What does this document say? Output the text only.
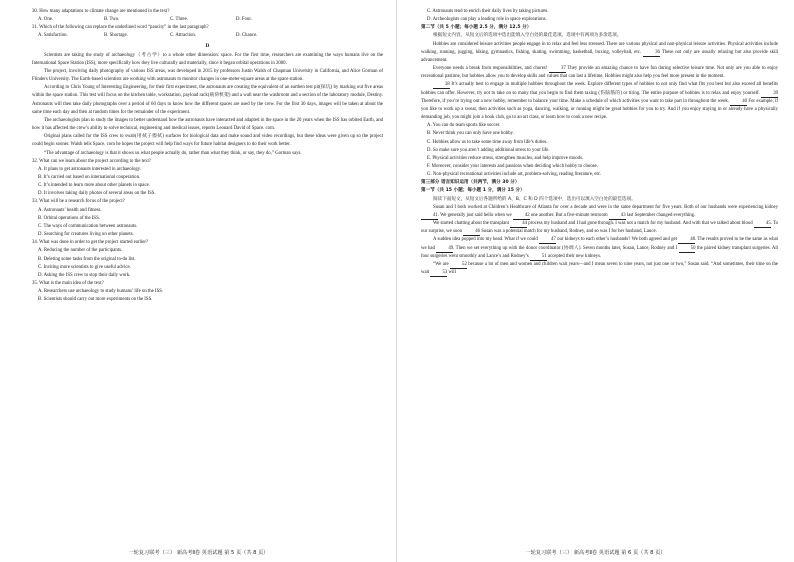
30. How many adaptations to climate change are mentioned in the text?

A. One.	B. Two.	C. Three.	D. Four.

31. Which of the following can replace the underlined word “paucity” in the last paragraph?

A. Satisfaction.	B. Shortage.	C. Attraction.	D. Chance.
D

Scientists are taking the study of archaeology（考古学）to a whole other dimension: space. For the first time, researchers are examining the ways humans live on the International Space Station (ISS), more specifically how they live culturally and materially, since it began orbital operations in 2000.

The project, involving daily photography of various ISS areas, was developed in 2015 by professors Justin Walsh of Chapman University in California, and Alice Gorman of Flinders University. The Earth-based scientists are working with astronauts to monitor changes in one-meter-square areas at the space station.

According to Chris Young of Interesting Engineering, for their first experiment, the astronauts are creating the equivalent of an earthen test pit(探坑) by marking out five areas within the space station. This test will focus on the kitchen table, workstation, payload rack(载荷机架) and a wall near the washroom and a section of the laboratory module, Destiny. Astronauts will then take daily photographs over a period of 60 days to know how the different spaces are used by the crew. For the first 30 days, images will be taken at about the same time each day and then at random times for the remainder of the experiment.

The archaeologists plan to study the images to better understand how the astronauts have interacted and adapted in the space in the 20 years when the ISS has orbited Earth, and how it has affected the crew’s ability to solve technical, engineering and medical issues, reports Leonard David of Space. com.

Original plans called for the ISS crew to swab(用拭子擦拭) surfaces for biological data and make sound and video recordings, but these ideas were given up so the project could begin sooner. Walsh tells Space. com he hopes the project will help find ways for future habitat designers to do their work better.

“The advantage of archaeology is that it shows us what people actually do, rather than what they think, or say, they do,” Gorman says.

32. What can we learn about the project according to the text?

A. It plans to get astronauts interested in archaeology.
B. It’s carried out based on international cooperation.
C. It’s intended to learn more about other planets in space.
D. It involves taking daily photos of several areas on the ISS.

33. What will be a research focus of the project?

A. Astronauts’ health and fitness.
B. Orbital operations of the ISS.
C. The ways of communication between astronauts.
D. Searching for creatures living on other planets.

34. What was done in order to get the project started earlier?

A. Reducing the number of the participants.
B. Deleting some tasks from the original to-do list.
C. Inviting more scientists to give useful advice.
D. Asking the ISS crew to stop their daily work.

35. What is the main idea of the text?

A. Researchers use archaeology to study humans’ life on the ISS.
B. Scientists should carry out more experiments on the ISS.
一轮复习联考（三） 新高考Ⅱ卷 英语试题 第 5 页（共 8 页）
C. Astronauts tend to enrich their daily lives by taking pictures.
D. Archeologists can play a leading role in space explorations.
第二节（共 5 小题；每小题 2.5 分，满分 12.5 分）

根据短文内容，从短文后的选项中选出能填入空白处的最佳选项。选项中有两项为多余选项。

Hobbies are considered leisure activities people engage in to relax and feel less stressed. There are various physical and non-physical leisure activities. Physical activities include walking, running, jugging, hiking, gymnastics, fishing, skating, swimming, basketball, boxing, volleyball, etc.	36 These not only are usually relaxing but also provide skill advancement.

Everyone needs a break from responsibilities, and chores!	37 They provide an amazing chance to have fun during selective leisure time. Not only are you able to enjoy recreational pastime, but hobbies allow you to develop skills and values that can last a lifetime. Hobbies might also help you feel more present in the moment.

38 It’s actually best to engage in multiple hobbies throughout the week. Explore different types of hobbies to not only find what fits you best but also exceed all benefits hobbies can offer. However, try not to take on so many that you begin to find them taxing (伤脑筋的) or tiring. The entire purpose of hobbies is to relax and enjoy yourself.	39 Therefore, if you’re trying out a new hobby, remember to balance your time. Make a schedule of which activities you want to take part in throughout the week.	40 For example, if you like to work up a sweat, then activities such as yoga, dancing, walking, or running might be great hobbies for you to try. And if you enjoy staying in or already have a physically demanding job, you might join a book club, go to an art class, or learn how to cook a new recipe.

A. You can do team sports like soccer.
B. Never think you can only have one hobby.
C. Hobbies allow us to take some time away from life’s duties.
D. So make sure you aren’t adding additional stress to your life.
E. Physical activities reduce stress, strengthen muscles, and help improve moods.
F. Moreover, consider your interests and passions when deciding which hobby to choose.
G. Non-physical recreational activities include art, problem-solving, reading literature, etc.
第三部分 语言知识运用（共两节，满分 30 分）
第一节（共 15 小题；每小题 1 分，满分 15 分）

阅读下面短文，从短文后各题所给的 A、B、C 和 D 四个选项中，选出可以填入空白处的最佳选项。

Susan and I both worked at Children’s Healthcare of Atlanta for over a decade and were in the same department for five years. Both of our husbands were experiencing kidney 41. We generally just said hello when we	42 one another. But a five-minute restroom	43 last September changed everything.

We started chatting about the transplant	44 process my husband and I had gone through. I was not a match for my husband. And with that we talked about blood	45. To our surprise, we soon	46 Susan was a potential match for my husband, Rodney, and so was I for her husband, Lance.

A sudden idea popped into my head. What if we could	47 our kidneys to each other’s husbands? We both agreed and get	48. The results proved to be the same as what we had	49. Then we set everything up with the donor coordinator (协调人). Seven months later, Susan, Lance, Rodney and I	50 the paired kidney transplant surgeries. All four surgeries went smoothly and Lance’s and Rodney’s	51 accepted their new kidneys.

“We are	52 because a lot of men and women and children wait years—and I mean seven to nine years, not just one or two,” Susan said. “And sometimes, their time on the wait	53 will

一轮复习联考（三） 新高考Ⅱ卷 英语试题 第 6 页（共 8 页）
